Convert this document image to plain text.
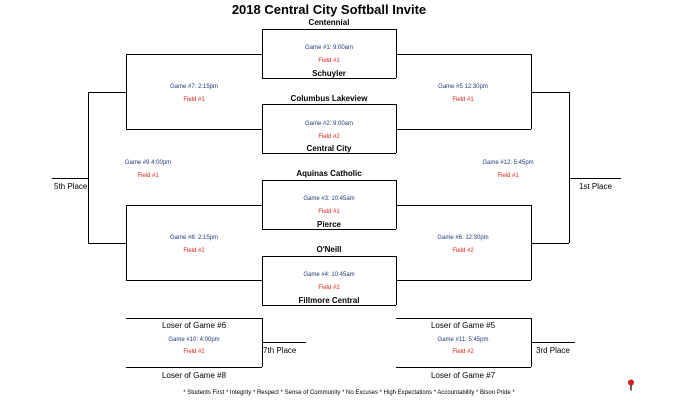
2018 Central City Softball Invite
Centennial
Schuyler
Columbus Lakeview
Central City
Aquinas Catholic
Pierce
O'Neill
Fillmore Central
Game #1: 9:00am
Field #1
Game #2: 9:00am
Field #2
Game #3: 10:45am
Field #1
Game #4: 10:45am
Field #2
Game #7: 2:15pm
Field #1
Game #5 12:30pm
Field #1
Game #8: 2:15pm
Field #2
Game #6: 12:30pm
Field #2
Game #9 4:00pm
Field #1
Game #12: 5:45pm
Field #1
Game #10: 4:00pm
Field #2
Game #11: 5:45pm
Field #2
Loser of Game #6
Loser of Game #8
Loser of Game #5
Loser of Game #7
5th Place	1st Place
7th Place	3rd Place
* Students First * Integrity * Respect * Sense of Community * No Excuses * High Expectations * Accountability * Bison Pride *
